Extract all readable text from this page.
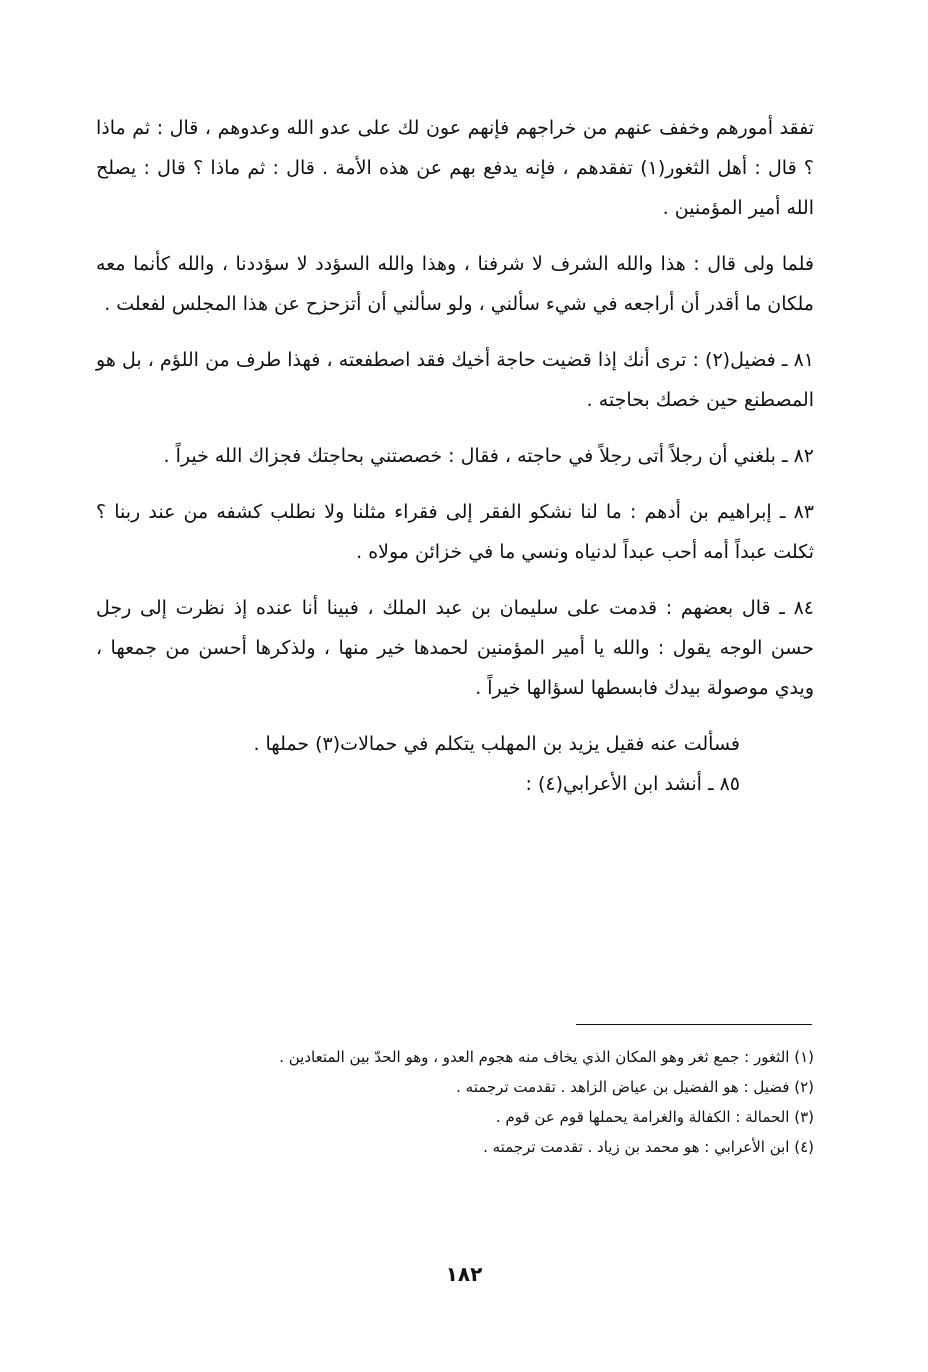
تفقد أمورهم وخفف عنهم من خراجهم فإنهم عون لك على عدو الله وعدوهم ، قال : ثم ماذا ؟ قال : أهل الثغور(١) تفقدهم ، فإنه يدفع بهم عن هذه الأمة . قال : ثم ماذا ؟ قال : يصلح الله أمير المؤمنين .

فلما ولى قال : هذا والله الشرف لا شرفنا ، وهذا والله السؤدد لا سؤددنا ، والله كأنما معه ملكان ما أقدر أن أراجعه في شيء سألني ، ولو سألني أن أتزحزح عن هذا المجلس لفعلت .

٨١ ـ فضيل(٢) : ترى أنك إذا قضيت حاجة أخيك فقد اصطفعته ، فهذا طرف من اللؤم ، بل هو المصطنع حين خصك بحاجته .

٨٢ ـ بلغني أن رجلاً أتى رجلاً في حاجته ، فقال : خصصتني بحاجتك فجزاك الله خيراً .

٨٣ ـ إبراهيم بن أدهم : ما لنا نشكو الفقر إلى فقراء مثلنا ولا نطلب كشفه من عند ربنا ؟ ثكلت عبداً أمه أحب عبداً لدنياه ونسي ما في خزائن مولاه .

٨٤ ـ قال بعضهم : قدمت على سليمان بن عبد الملك ، فبينا أنا عنده إذ نظرت إلى رجل حسن الوجه يقول : والله يا أمير المؤمنين لحمدها خير منها ، ولذكرها أحسن من جمعها ، ويدي موصولة بيدك فابسطها لسؤالها خيراً .

فسألت عنه فقيل يزيد بن المهلب يتكلم في حمالات(٣) حملها .

٨٥ ـ أنشد ابن الأعرابي(٤) :

(١) الثغور : جمع ثغر وهو المكان الذي يخاف منه هجوم العدو ، وهو الحدّ بين المتعادين .

(٢) فضيل : هو الفضيل بن عياض الزاهد . تقدمت ترجمته .

(٣) الحمالة : الكفالة والغرامة يحملها قوم عن قوم .

(٤) ابن الأعرابي : هو محمد بن زياد . تقدمت ترجمته .

١٨٢
